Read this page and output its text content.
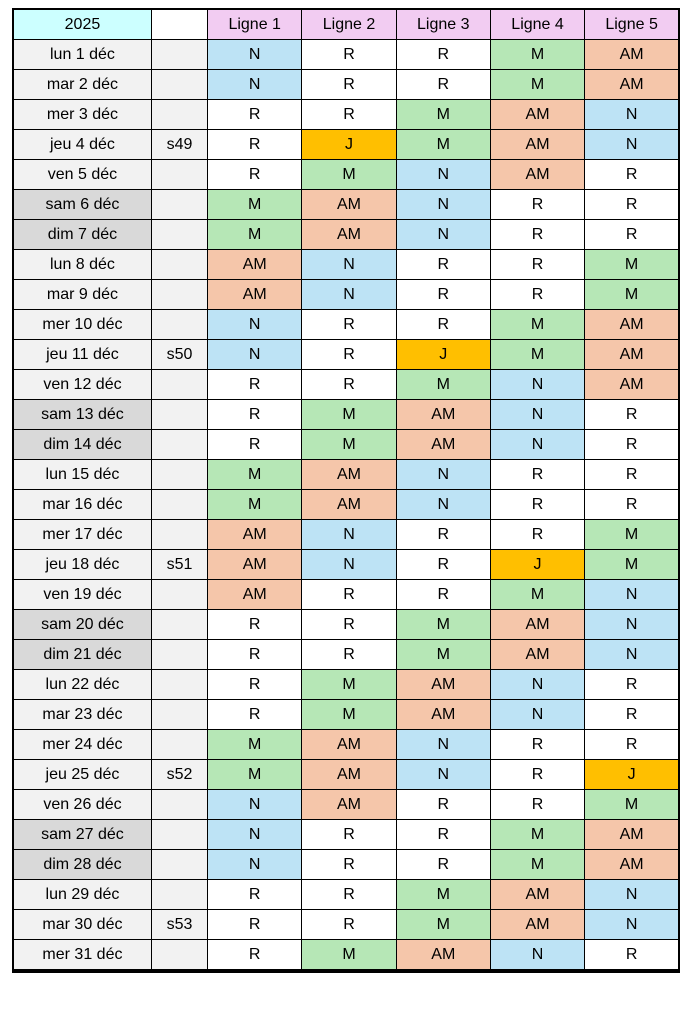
2025		Ligne 1	Ligne 2	Ligne 3	Ligne 4	Ligne 5
lun 1 déc		N	R	R	M	AM
mar 2 déc		N	R	R	M	AM
mer 3 déc		R	R	M	AM	N
jeu 4 déc	s49	R	J	M	AM	N
ven 5 déc		R	M	N	AM	R
sam 6 déc		M	AM	N	R	R
dim 7 déc		M	AM	N	R	R
lun 8 déc		AM	N	R	R	M
mar 9 déc		AM	N	R	R	M
mer 10 déc		N	R	R	M	AM
jeu 11 déc	s50	N	R	J	M	AM
ven 12 déc		R	R	M	N	AM
sam 13 déc		R	M	AM	N	R
dim 14 déc		R	M	AM	N	R
lun 15 déc		M	AM	N	R	R
mar 16 déc		M	AM	N	R	R
mer 17 déc		AM	N	R	R	M
jeu 18 déc	s51	AM	N	R	J	M
ven 19 déc		AM	R	R	M	N
sam 20 déc		R	R	M	AM	N
dim 21 déc		R	R	M	AM	N
lun 22 déc		R	M	AM	N	R
mar 23 déc		R	M	AM	N	R
mer 24 déc		M	AM	N	R	R
jeu 25 déc	s52	M	AM	N	R	J
ven 26 déc		N	AM	R	R	M
sam 27 déc		N	R	R	M	AM
dim 28 déc		N	R	R	M	AM
lun 29 déc		R	R	M	AM	N
mar 30 déc	s53	R	R	M	AM	N
mer 31 déc		R	M	AM	N	R
